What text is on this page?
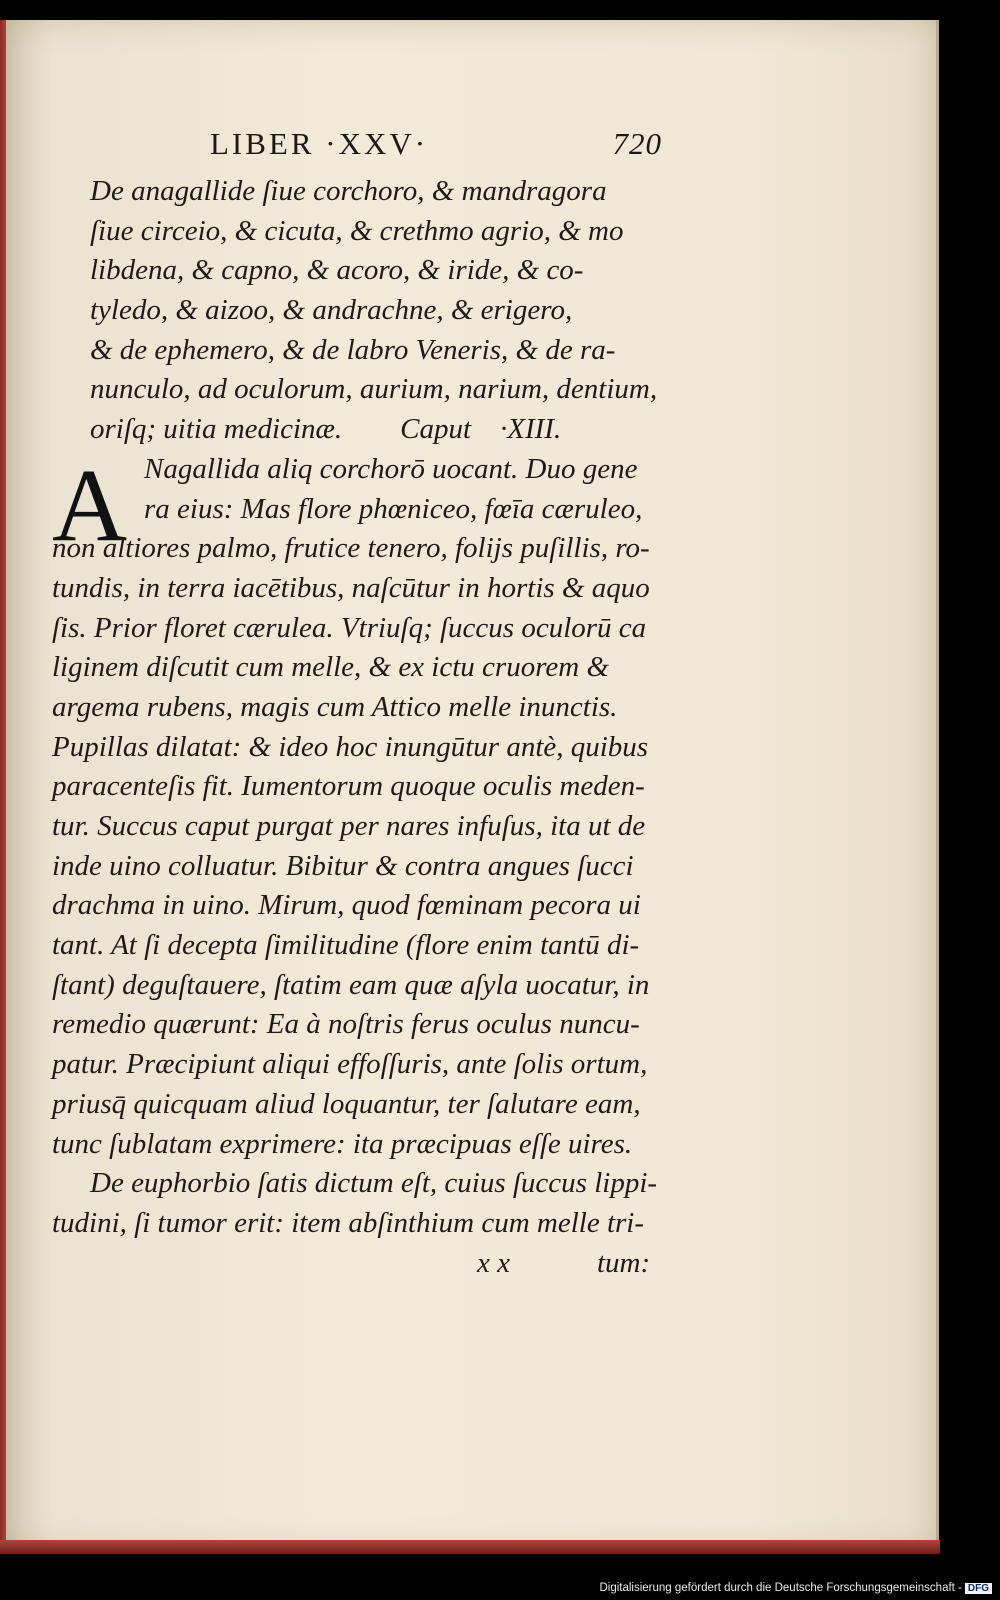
LIBER ·XXV·	720
A
De anagallide ſiue corchoro, & mandragora
ſiue circeio, & cicuta, & crethmo agrio, & mo
libdena, & capno, & acoro, & iride, & co-
tyledo, & aizoo, & andrachne, & erigero,
& de ephemero, & de labro Veneris, & de ra-
nunculo, ad oculorum, aurium, narium, dentium,
oriſq; uitia medicinæ.        Caput    ·XIII.
Nagallida aliq corchorō uocant. Duo gene
ra eius: Mas flore phœniceo, fœīa cæruleo,
non altiores palmo, frutice tenero, folijs puſillis, ro-
tundis, in terra iacētibus, naſcūtur in hortis & aquo
ſis. Prior floret cærulea. Vtriuſq; ſuccus oculorū ca
liginem diſcutit cum melle, & ex ictu cruorem &
argema rubens, magis cum Attico melle inunctis.
Pupillas dilatat: & ideo hoc inungūtur antè, quibus
paracenteſis fit. Iumentorum quoque oculis meden-
tur. Succus caput purgat per nares infuſus, ita ut de
inde uino colluatur. Bibitur & contra angues ſucci
drachma in uino. Mirum, quod fœminam pecora ui
tant. At ſi decepta ſimilitudine (flore enim tantū di-
ſtant) deguſtauere, ſtatim eam quæ aſyla uocatur, in
remedio quærunt: Ea à noſtris ferus oculus nuncu-
patur. Præcipiunt aliqui effoſſuris, ante ſolis ortum,
priusq̄ quicquam aliud loquantur, ter ſalutare eam,
tunc ſublatam exprimere: ita præcipuas eſſe uires.
De euphorbio ſatis dictum eſt, cuius ſuccus lippi-
tudini, ſi tumor erit: item abſinthium cum melle tri-
x x	tum:
Digitalisierung gefördert durch die Deutsche Forschungsgemeinschaft - DFG
